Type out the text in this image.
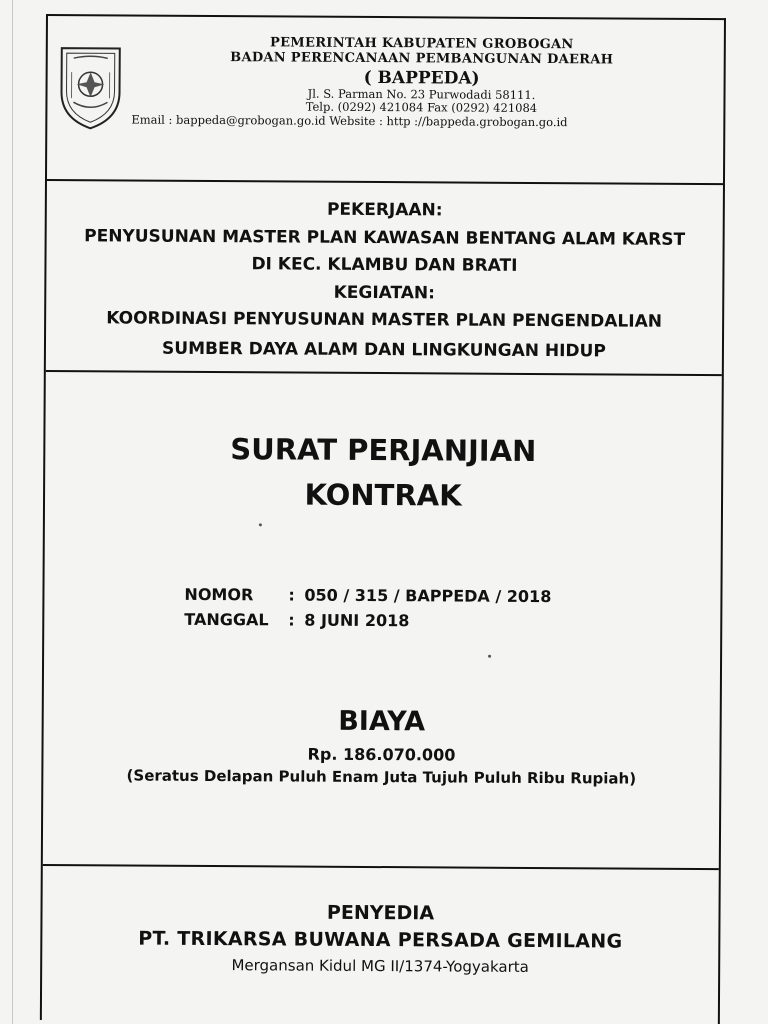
PEMERINTAH KABUPATEN GROBOGAN
BADAN PERENCANAAN PEMBANGUNAN DAERAH
( BAPPEDA)
Jl. S. Parman No. 23 Purwodadi 58111.
Telp. (0292) 421084 Fax (0292) 421084
Email : bappeda@grobogan.go.id Website : http ://bappeda.grobogan.go.id
PEKERJAAN:
PENYUSUNAN MASTER PLAN KAWASAN BENTANG ALAM KARST
DI KEC. KLAMBU DAN BRATI
KEGIATAN:
KOORDINASI PENYUSUNAN MASTER PLAN PENGENDALIAN
SUMBER DAYA ALAM DAN LINGKUNGAN HIDUP
SURAT PERJANJIAN
KONTRAK
NOMOR	: 050 / 315 / BAPPEDA / 2018
TANGGAL	: 8 JUNI 2018
BIAYA
Rp. 186.070.000
(Seratus Delapan Puluh Enam Juta Tujuh Puluh Ribu Rupiah)
PENYEDIA
PT. TRIKARSA BUWANA PERSADA GEMILANG
Mergansan Kidul MG II/1374-Yogyakarta
